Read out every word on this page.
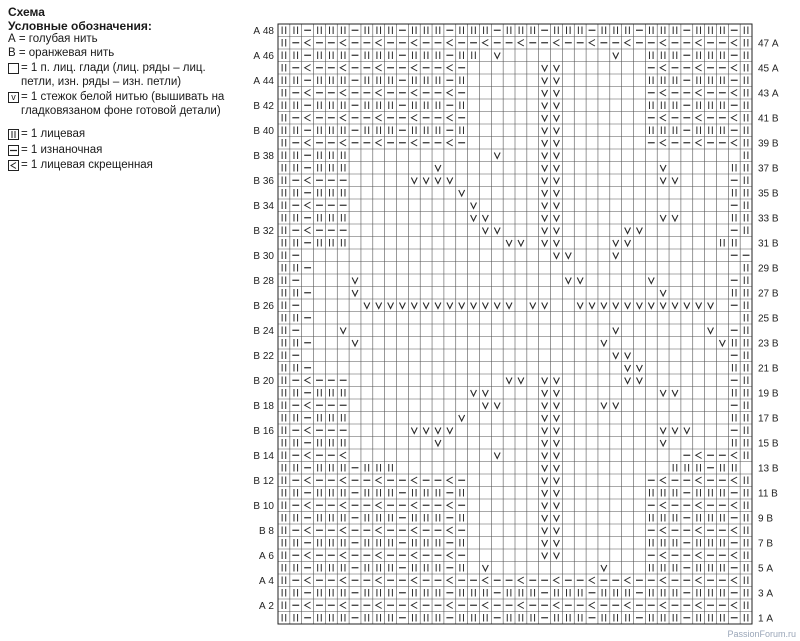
Схема
Условные обозначения:
А = голубая нить
В = оранжевая нить
= 1 п. лиц. глади (лиц. ряды – лиц. петли, изн. ряды – изн. петли)
v = 1 стежок белой нитью (вышивать на гладковязаном фоне готовой детали)
= 1 лицевая
= 1 изнаночная
= 1 лицевая скрещенная
А 48
А 46
А 44
В 42
В 40
В 38
В 36
В 34
В 32
В 30
В 28
В 26
В 24
В 22
В 20
В 18
В 16
В 14
В 12
В 10
В 8
А 6
А 4
А 2
47 А
45 А
43 А
41 В
39 В
37 В
35 В
33 В
31 В
29 В
27 В
25 В
23 В
21 В
19 В
17 В
15 В
13 В
11 В
9 В
7 В
5 А
3 А
1 А
PassionForum.ru
